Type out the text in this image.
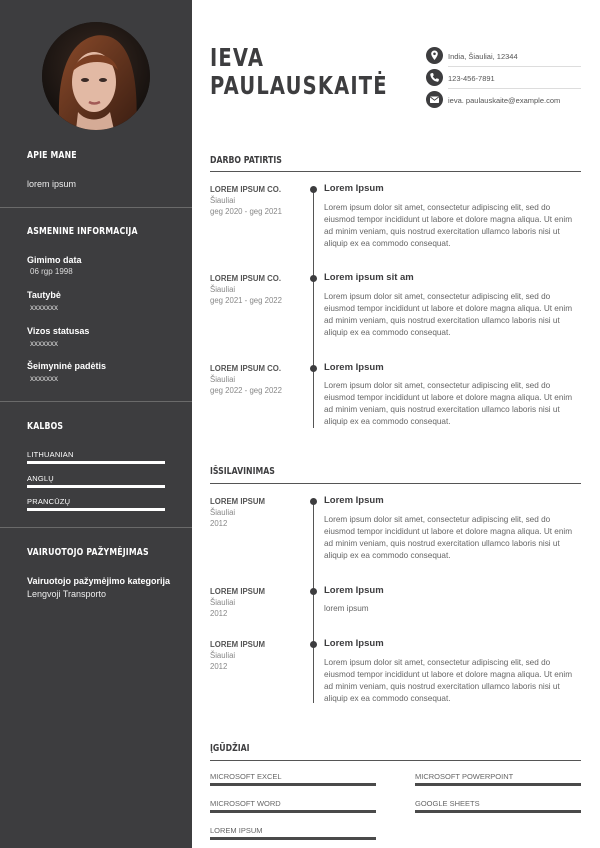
APIE MANE
lorem ipsum
ASMENINĖ INFORMACIJA
Gimimo data
06 rgp 1998
Tautybė
xxxxxxx
Vizos statusas
xxxxxxx
Šeimyninė padėtis
xxxxxxx
KALBOS
LITHUANIAN
ANGLŲ
PRANCŪZŲ
VAIRUOTOJO PAŽYMĖJIMAS
Vairuotojo pažymėjimo kategorija
Lengvoji Transporto
IEVA
PAULAUSKAITĖ
India, Šiauliai, 12344
123-456-7891
ieva. paulauskaite@example.com
DARBO PATIRTIS
LOREM IPSUM CO.
Šiauliai
geg 2020 - geg 2021
Lorem Ipsum
Lorem ipsum dolor sit amet, consectetur adipiscing elit, sed do eiusmod tempor incididunt ut labore et dolore magna aliqua. Ut enim ad minim veniam, quis nostrud exercitation ullamco laboris nisi ut aliquip ex ea commodo consequat.
LOREM IPSUM CO.
Šiauliai
geg 2021 - geg 2022
Lorem ipsum sit am
Lorem ipsum dolor sit amet, consectetur adipiscing elit, sed do eiusmod tempor incididunt ut labore et dolore magna aliqua. Ut enim ad minim veniam, quis nostrud exercitation ullamco laboris nisi ut aliquip ex ea commodo consequat.
LOREM IPSUM CO.
Šiauliai
geg 2022 - geg 2022
Lorem Ipsum
Lorem ipsum dolor sit amet, consectetur adipiscing elit, sed do eiusmod tempor incididunt ut labore et dolore magna aliqua. Ut enim ad minim veniam, quis nostrud exercitation ullamco laboris nisi ut aliquip ex ea commodo consequat.
IŠSILAVINIMAS
LOREM IPSUM
Šiauliai
2012
Lorem Ipsum
Lorem ipsum dolor sit amet, consectetur adipiscing elit, sed do eiusmod tempor incididunt ut labore et dolore magna aliqua. Ut enim ad minim veniam, quis nostrud exercitation ullamco laboris nisi ut aliquip ex ea commodo consequat.
LOREM IPSUM
Šiauliai
2012
Lorem Ipsum
lorem ipsum
LOREM IPSUM
Šiauliai
2012
Lorem Ipsum
Lorem ipsum dolor sit amet, consectetur adipiscing elit, sed do eiusmod tempor incididunt ut labore et dolore magna aliqua. Ut enim ad minim veniam, quis nostrud exercitation ullamco laboris nisi ut aliquip ex ea commodo consequat.
ĮGŪDŽIAI
MICROSOFT EXCEL	MICROSOFT POWERPOINT
MICROSOFT WORD	GOOGLE SHEETS
LOREM IPSUM
